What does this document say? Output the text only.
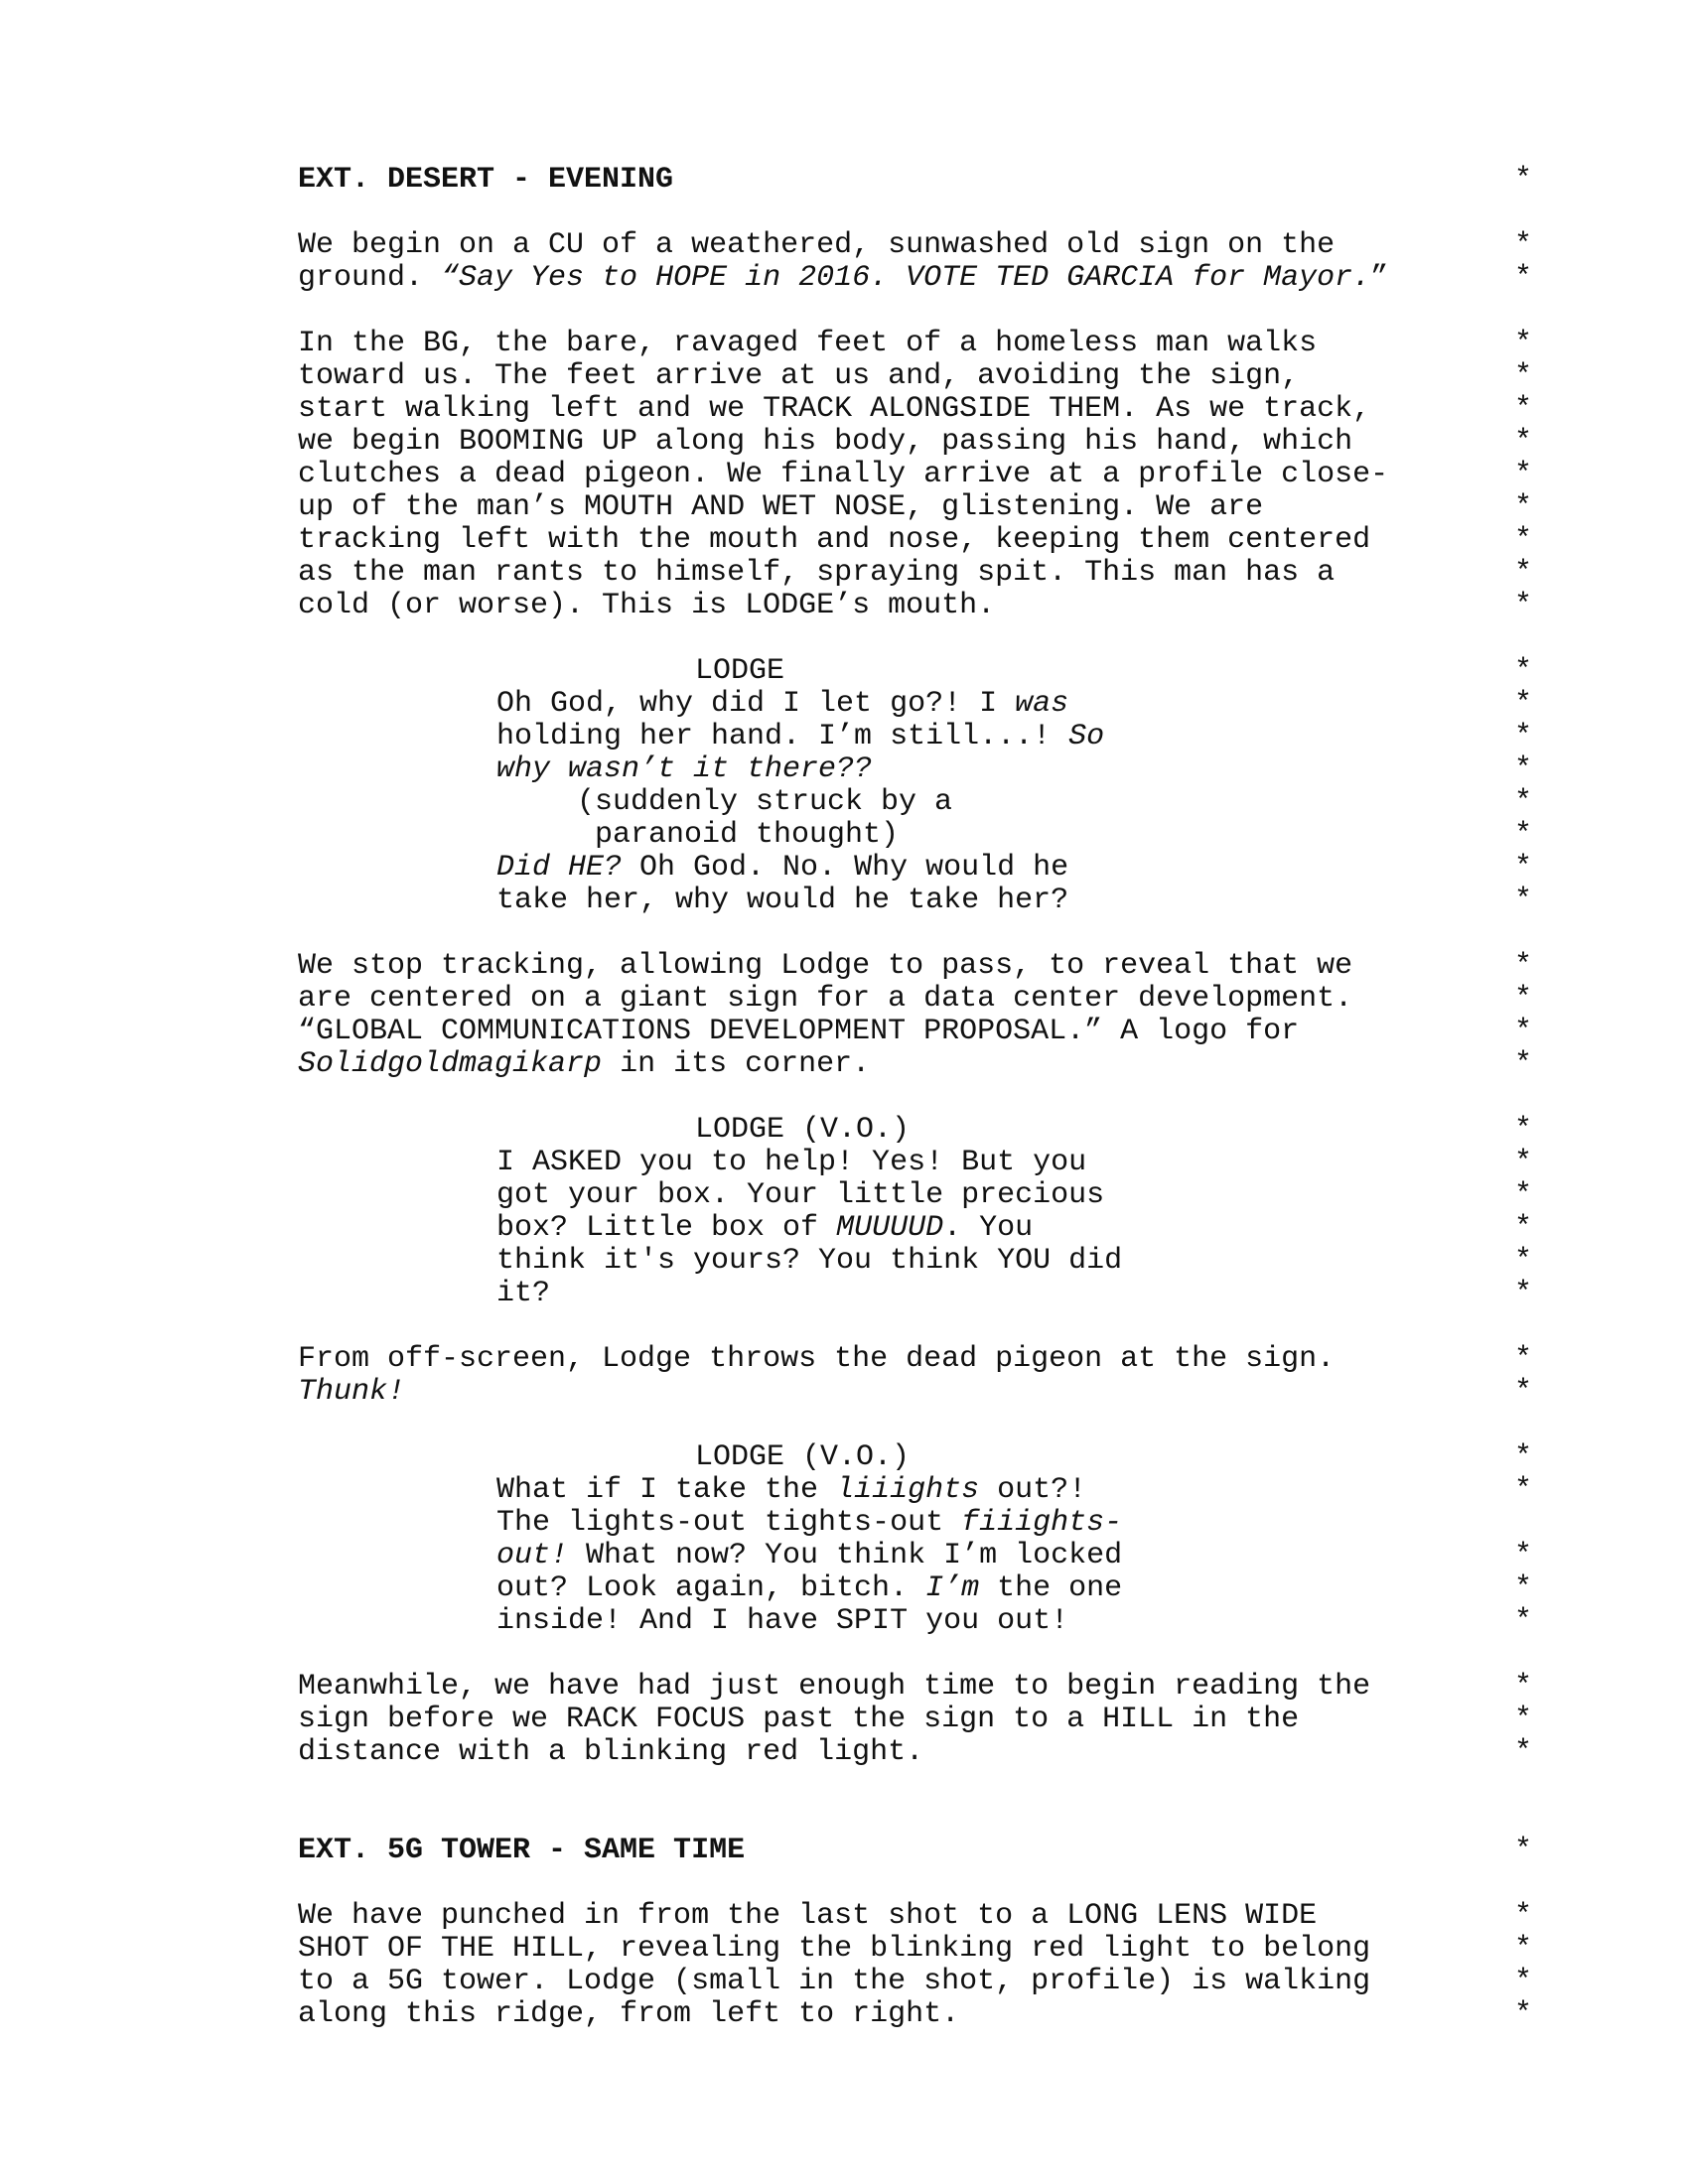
EXT. DESERT - EVENING
We begin on a CU of a weathered, sunwashed old sign on the
ground. “Say Yes to HOPE in 2016. VOTE TED GARCIA for Mayor.”
In the BG, the bare, ravaged feet of a homeless man walks
toward us. The feet arrive at us and, avoiding the sign,
start walking left and we TRACK ALONGSIDE THEM. As we track,
we begin BOOMING UP along his body, passing his hand, which
clutches a dead pigeon. We finally arrive at a profile close-
up of the man’s MOUTH AND WET NOSE, glistening. We are
tracking left with the mouth and nose, keeping them centered
as the man rants to himself, spraying spit. This man has a
cold (or worse). This is LODGE’s mouth.
LODGE
Oh God, why did I let go?! I was
holding her hand. I’m still...! So
why wasn’t it there??
(suddenly struck by a
paranoid thought)
Did HE? Oh God. No. Why would he
take her, why would he take her?
We stop tracking, allowing Lodge to pass, to reveal that we
are centered on a giant sign for a data center development.
“GLOBAL COMMUNICATIONS DEVELOPMENT PROPOSAL.” A logo for
Solidgoldmagikarp in its corner.
LODGE (V.O.)
I ASKED you to help! Yes! But you
got your box. Your little precious
box? Little box of MUUUUD. You
think it's yours? You think YOU did
it?
From off-screen, Lodge throws the dead pigeon at the sign.
Thunk!
LODGE (V.O.)
What if I take the liiights out?!
The lights-out tights-out fiiights-
out! What now? You think I’m locked
out? Look again, bitch. I’m the one
inside! And I have SPIT you out!
Meanwhile, we have had just enough time to begin reading the
sign before we RACK FOCUS past the sign to a HILL in the
distance with a blinking red light.
EXT. 5G TOWER - SAME TIME
We have punched in from the last shot to a LONG LENS WIDE
SHOT OF THE HILL, revealing the blinking red light to belong
to a 5G tower. Lodge (small in the shot, profile) is walking
along this ridge, from left to right.
*
*
*
*
*
*
*
*
*
*
*
*
*
*
*
*
*
*
*
*
*
*
*
*
*
*
*
*
*
*
*
*
*
*
*
*
*
*
*
*
*
*
*
*
*
